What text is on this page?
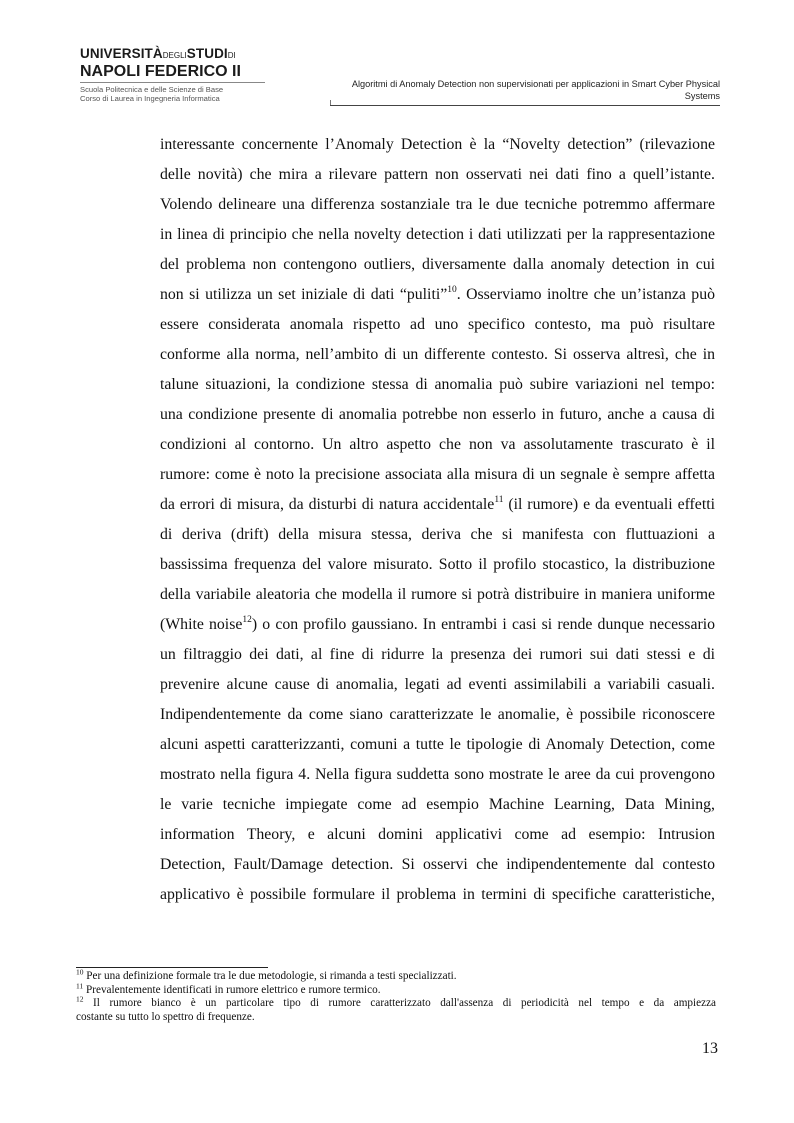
UNIVERSITÀDEGLISTUDIDI
NAPOLI FEDERICO II
Scuola Politecnica e delle Scienze di Base
Corso di Laurea in Ingegneria Informatica
Algoritmi di Anomaly Detection non supervisionati per applicazioni in Smart Cyber Physical
Systems
interessante concernente l’Anomaly Detection è la “Novelty detection” (rilevazione
delle novità) che mira a rilevare pattern non osservati nei dati fino a quell’istante.
Volendo delineare una differenza sostanziale tra le due tecniche potremmo affermare
in linea di principio che nella novelty detection i dati utilizzati per la rappresentazione
del problema non contengono outliers, diversamente dalla anomaly detection in cui
non si utilizza un set iniziale di dati “puliti”$^{10}$. Osserviamo inoltre che un’istanza può
essere considerata anomala rispetto ad uno specifico contesto, ma può risultare
conforme alla norma, nell’ambito di un differente contesto. Si osserva altresì, che in
talune situazioni, la condizione stessa di anomalia può subire variazioni nel tempo:
una condizione presente di anomalia potrebbe non esserlo in futuro, anche a causa di
condizioni al contorno. Un altro aspetto che non va assolutamente trascurato è il
rumore: come è noto la precisione associata alla misura di un segnale è sempre affetta
da errori di misura, da disturbi di natura accidentale$^{11}$ (il rumore) e da eventuali effetti
di deriva (drift) della misura stessa, deriva che si manifesta con fluttuazioni a
bassissima frequenza del valore misurato. Sotto il profilo stocastico, la distribuzione
della variabile aleatoria che modella il rumore si potrà distribuire in maniera uniforme
(White noise$^{12}$) o con profilo gaussiano. In entrambi i casi si rende dunque necessario
un filtraggio dei dati, al fine di ridurre la presenza dei rumori sui dati stessi e di
prevenire alcune cause di anomalia, legati ad eventi assimilabili a variabili casuali.
Indipendentemente da come siano caratterizzate le anomalie, è possibile riconoscere
alcuni aspetti caratterizzanti, comuni a tutte le tipologie di Anomaly Detection, come
mostrato nella figura 4. Nella figura suddetta sono mostrate le aree da cui provengono
le varie tecniche impiegate come ad esempio Machine Learning, Data Mining,
information Theory, e alcuni domini applicativi come ad esempio: Intrusion
Detection, Fault/Damage detection. Si osservi che indipendentemente dal contesto
applicativo è possibile formulare il problema in termini di specifiche caratteristiche,
$^{10}$ Per una definizione formale tra le due metodologie, si rimanda a testi specializzati.
$^{11}$ Prevalentemente identificati in rumore elettrico e rumore termico.
$^{12}$ Il rumore bianco è un particolare tipo di rumore caratterizzato dall'assenza di periodicità nel tempo e da ampiezza
costante su tutto lo spettro di frequenze.
13
